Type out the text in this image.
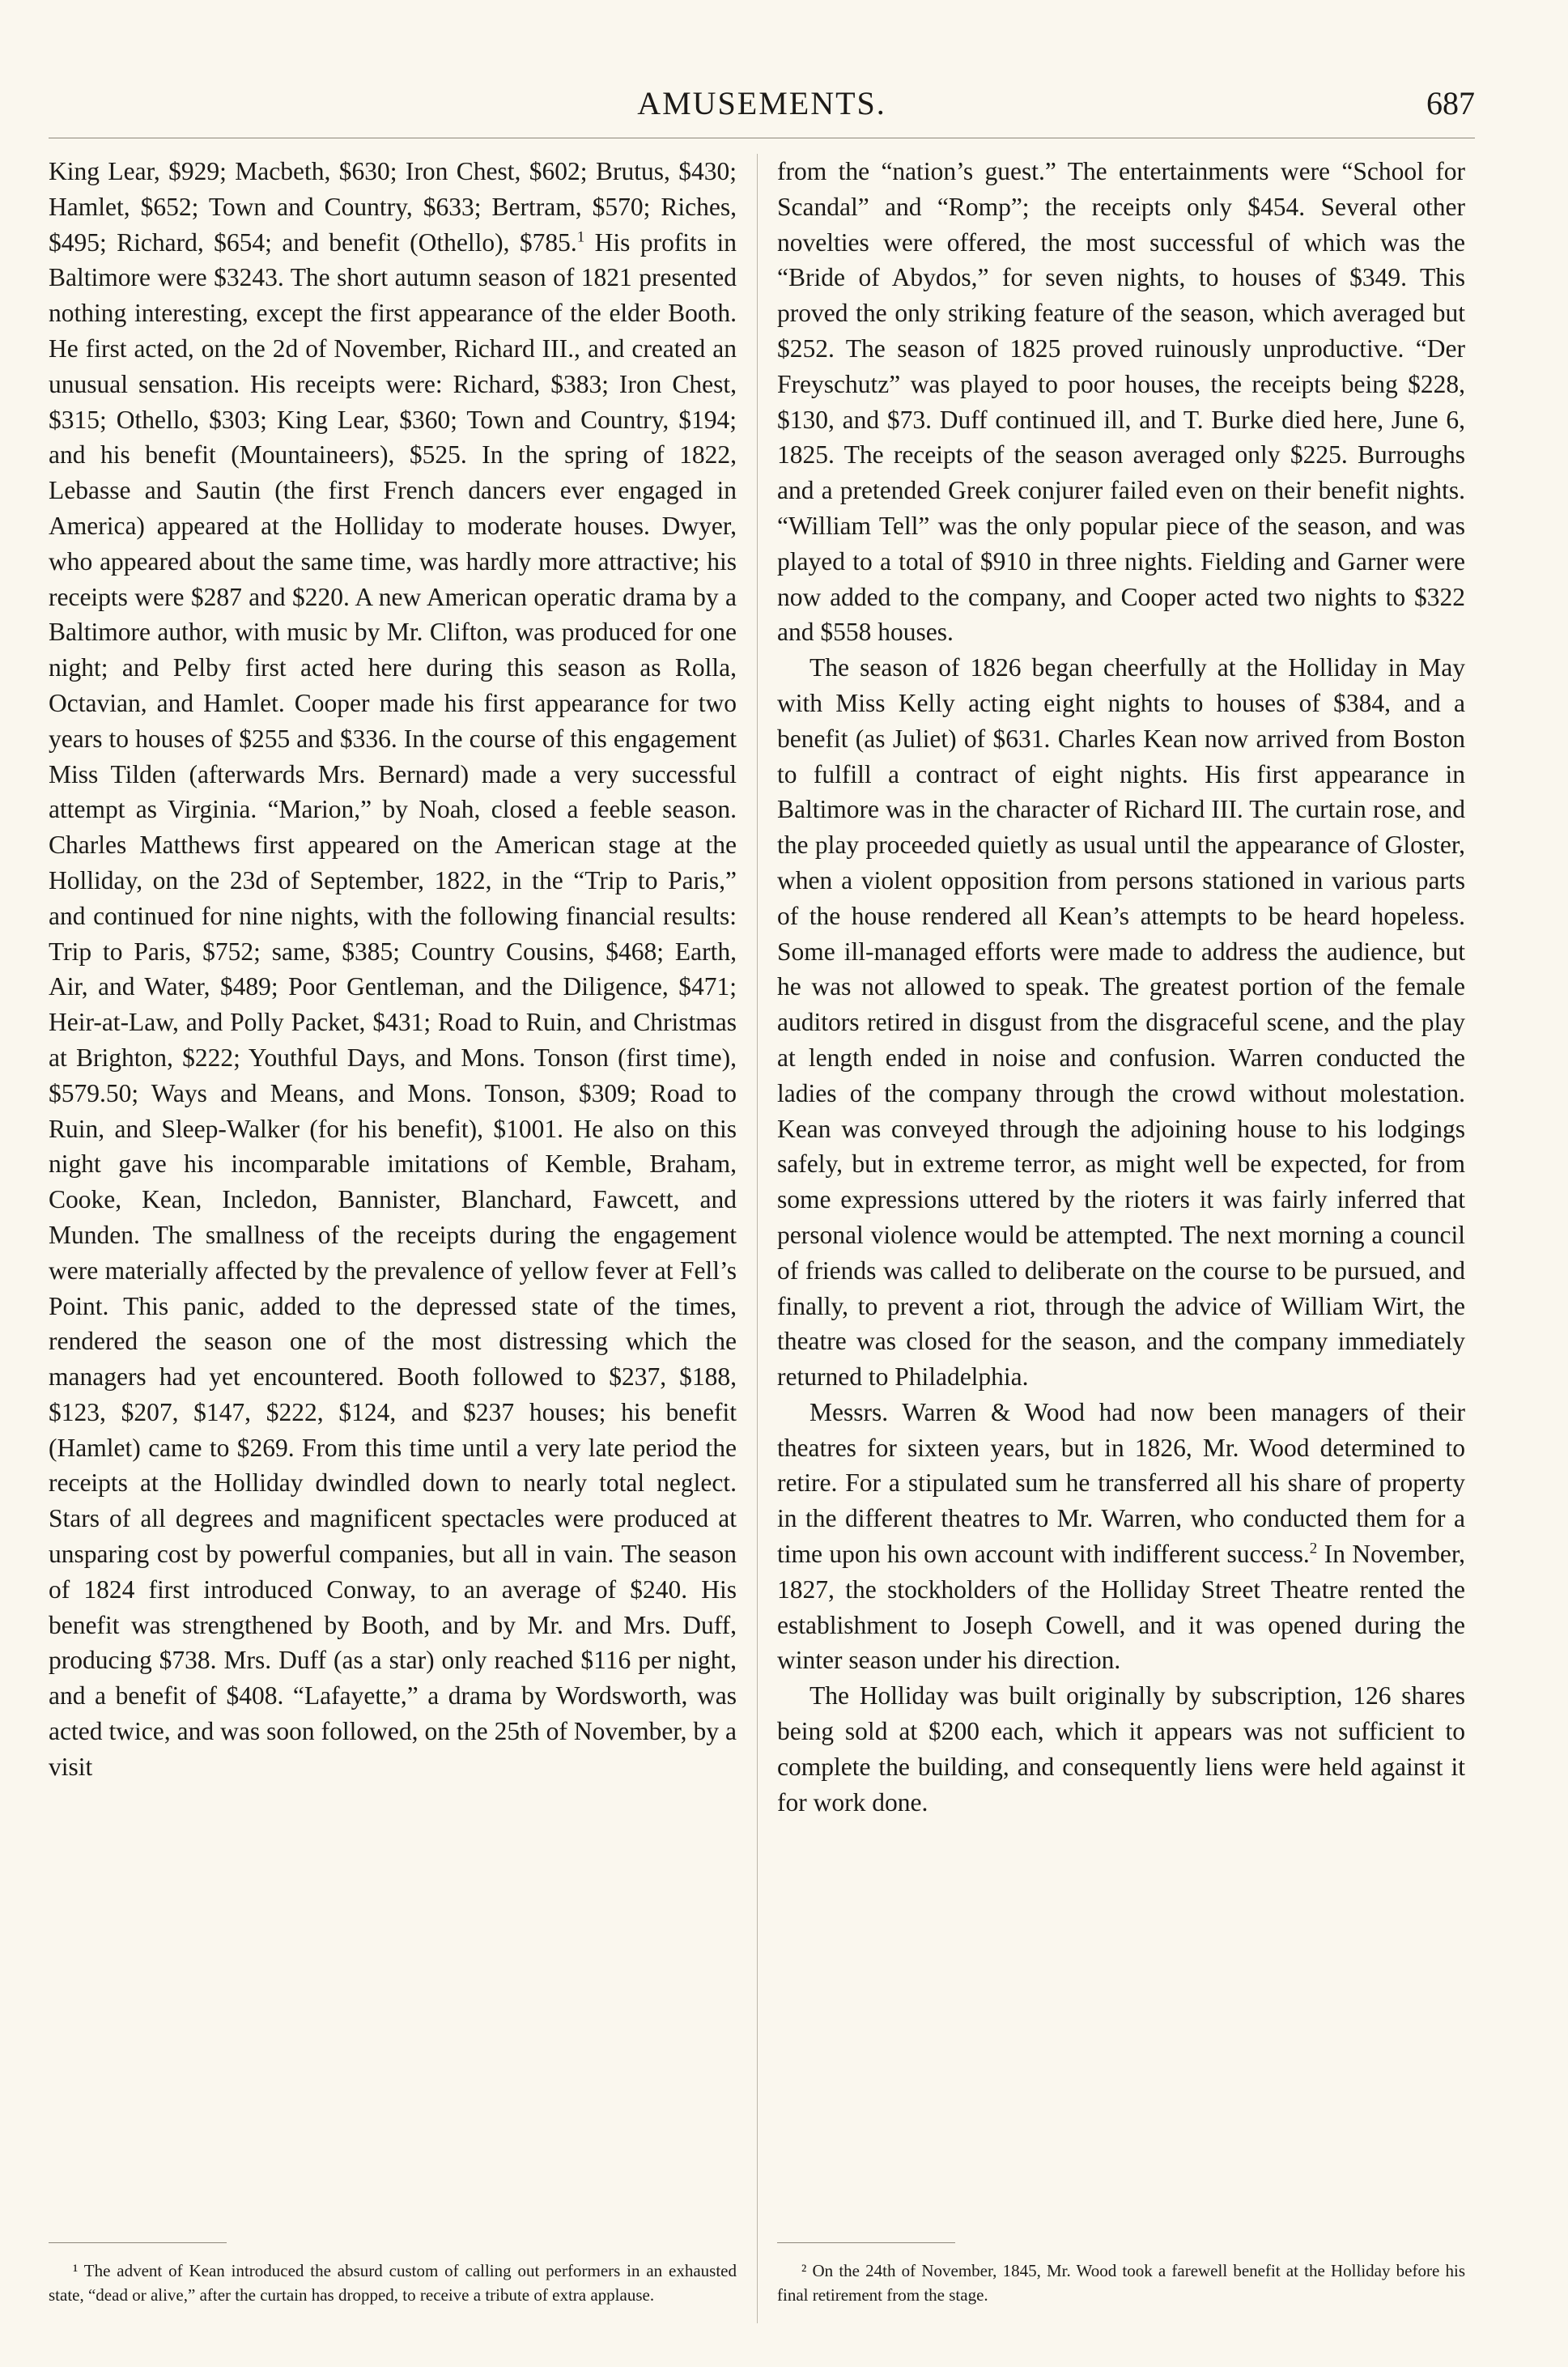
AMUSEMENTS.	687

King Lear, $929; Macbeth, $630; Iron Chest, $602; Brutus, $430; Hamlet, $652; Town and Country, $633; Bertram, $570; Riches, $495; Richard, $654; and benefit (Othello), $785.$^1$ His profits in Baltimore were $3243. The short autumn season of 1821 presented nothing interesting, except the first appearance of the elder Booth. He first acted, on the 2d of November, Richard III., and created an unusual sensation. His receipts were: Richard, $383; Iron Chest, $315; Othello, $303; King Lear, $360; Town and Country, $194; and his benefit (Mountaineers), $525. In the spring of 1822, Lebasse and Sautin (the first French dancers ever engaged in America) appeared at the Holliday to moderate houses. Dwyer, who appeared about the same time, was hardly more attractive; his receipts were $287 and $220. A new American operatic drama by a Baltimore author, with music by Mr. Clifton, was produced for one night; and Pelby first acted here during this season as Rolla, Octavian, and Hamlet. Cooper made his first appearance for two years to houses of $255 and $336. In the course of this engagement Miss Tilden (afterwards Mrs. Bernard) made a very successful attempt as Virginia. “Marion,” by Noah, closed a feeble season. Charles Matthews first appeared on the American stage at the Holliday, on the 23d of September, 1822, in the “Trip to Paris,” and continued for nine nights, with the following financial results: Trip to Paris, $752; same, $385; Country Cousins, $468; Earth, Air, and Water, $489; Poor Gentleman, and the Diligence, $471; Heir-at-Law, and Polly Packet, $431; Road to Ruin, and Christmas at Brighton, $222; Youthful Days, and Mons. Tonson (first time), $579.50; Ways and Means, and Mons. Tonson, $309; Road to Ruin, and Sleep-Walker (for his benefit), $1001. He also on this night gave his incomparable imitations of Kemble, Braham, Cooke, Kean, Incledon, Bannister, Blanchard, Fawcett, and Munden. The smallness of the receipts during the engagement were materially affected by the prevalence of yellow fever at Fell’s Point. This panic, added to the depressed state of the times, rendered the season one of the most distressing which the managers had yet encountered. Booth followed to $237, $188, $123, $207, $147, $222, $124, and $237 houses; his benefit (Hamlet) came to $269. From this time until a very late period the receipts at the Holliday dwindled down to nearly total neglect. Stars of all degrees and magnificent spectacles were produced at unsparing cost by powerful companies, but all in vain. The season of 1824 first introduced Conway, to an average of $240. His benefit was strengthened by Booth, and by Mr. and Mrs. Duff, producing $738. Mrs. Duff (as a star) only reached $116 per night, and a benefit of $408. “Lafayette,” a drama by Wordsworth, was acted twice, and was soon followed, on the 25th of November, by a visit

from the “nation’s guest.” The entertainments were “School for Scandal” and “Romp”; the receipts only $454. Several other novelties were offered, the most successful of which was the “Bride of Abydos,” for seven nights, to houses of $349. This proved the only striking feature of the season, which averaged but $252. The season of 1825 proved ruinously unproductive. “Der Freyschutz” was played to poor houses, the receipts being $228, $130, and $73. Duff continued ill, and T. Burke died here, June 6, 1825. The receipts of the season averaged only $225. Burroughs and a pretended Greek conjurer failed even on their benefit nights. “William Tell” was the only popular piece of the season, and was played to a total of $910 in three nights. Fielding and Garner were now added to the company, and Cooper acted two nights to $322 and $558 houses.

The season of 1826 began cheerfully at the Holliday in May with Miss Kelly acting eight nights to houses of $384, and a benefit (as Juliet) of $631. Charles Kean now arrived from Boston to fulfill a contract of eight nights. His first appearance in Baltimore was in the character of Richard III. The curtain rose, and the play proceeded quietly as usual until the appearance of Gloster, when a violent opposition from persons stationed in various parts of the house rendered all Kean’s attempts to be heard hopeless. Some ill-managed efforts were made to address the audience, but he was not allowed to speak. The greatest portion of the female auditors retired in disgust from the disgraceful scene, and the play at length ended in noise and confusion. Warren conducted the ladies of the company through the crowd without molestation. Kean was conveyed through the adjoining house to his lodgings safely, but in extreme terror, as might well be expected, for from some expressions uttered by the rioters it was fairly inferred that personal violence would be attempted. The next morning a council of friends was called to deliberate on the course to be pursued, and finally, to prevent a riot, through the advice of William Wirt, the theatre was closed for the season, and the company immediately returned to Philadelphia.

Messrs. Warren & Wood had now been managers of their theatres for sixteen years, but in 1826, Mr. Wood determined to retire. For a stipulated sum he transferred all his share of property in the different theatres to Mr. Warren, who conducted them for a time upon his own account with indifferent success.$^2$ In November, 1827, the stockholders of the Holliday Street Theatre rented the establishment to Joseph Cowell, and it was opened during the winter season under his direction.

The Holliday was built originally by subscription, 126 shares being sold at $200 each, which it appears was not sufficient to complete the building, and consequently liens were held against it for work done.

¹ The advent of Kean introduced the absurd custom of calling out performers in an exhausted state, “dead or alive,” after the curtain has dropped, to receive a tribute of extra applause.

² On the 24th of November, 1845, Mr. Wood took a farewell benefit at the Holliday before his final retirement from the stage.
